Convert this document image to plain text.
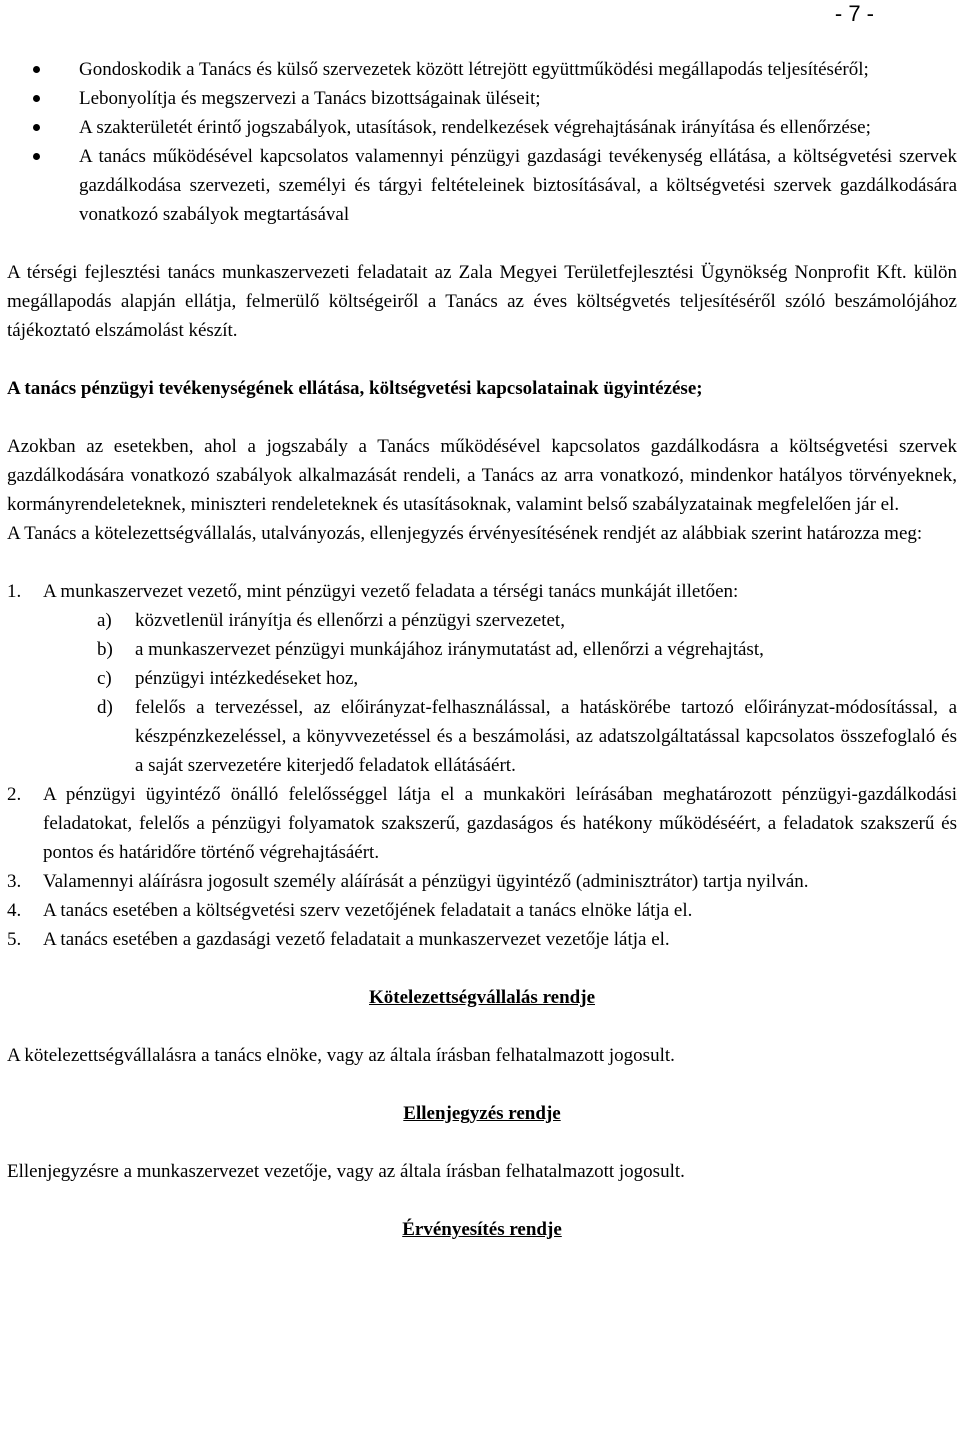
- 7 -
Gondoskodik a Tanács és külső szervezetek között létrejött együttműködési megállapodás teljesítéséről;
Lebonyolítja és megszervezi a Tanács bizottságainak üléseit;
A szakterületét érintő jogszabályok, utasítások, rendelkezések végrehajtásának irányítása és ellenőrzése;
A tanács működésével kapcsolatos valamennyi pénzügyi gazdasági tevékenység ellátása, a költségvetési szervek gazdálkodása szervezeti, személyi és tárgyi feltételeinek biztosításával, a költségvetési szervek gazdálkodására vonatkozó szabályok megtartásával

A térségi fejlesztési tanács munkaszervezeti feladatait az Zala Megyei Területfejlesztési Ügynökség Nonprofit Kft. külön megállapodás alapján ellátja, felmerülő költségeiről a Tanács az éves költségvetés teljesítéséről szóló beszámolójához tájékoztató elszámolást készít.

A tanács pénzügyi tevékenységének ellátása, költségvetési kapcsolatainak ügyintézése;

Azokban az esetekben, ahol a jogszabály a Tanács működésével kapcsolatos gazdálkodásra a költségvetési szervek gazdálkodására vonatkozó szabályok alkalmazását rendeli, a Tanács az arra vonatkozó, mindenkor hatályos törvényeknek, kormányrendeleteknek, miniszteri rendeleteknek és utasításoknak, valamint belső szabályzatainak megfelelően jár el.

A Tanács a kötelezettségvállalás, utalványozás, ellenjegyzés érvényesítésének rendjét az alábbiak szerint határozza meg:

1.	A munkaszervezet vezető, mint pénzügyi vezető feladata a térségi tanács munkáját illetően:
a)	közvetlenül irányítja és ellenőrzi a pénzügyi szervezetet,
b)	a munkaszervezet pénzügyi munkájához iránymutatást ad, ellenőrzi a végrehajtást,
c)	pénzügyi intézkedéseket hoz,
d)	felelős a tervezéssel, az előirányzat-felhasználással, a hatáskörébe tartozó előirányzat-módosítással, a készpénzkezeléssel, a könyvvezetéssel és a beszámolási, az adatszolgáltatással kapcsolatos összefoglaló és a saját szervezetére kiterjedő feladatok ellátásáért.
2.	A pénzügyi ügyintéző önálló felelősséggel látja el a munkaköri leírásában meghatározott pénzügyi-gazdálkodási feladatokat, felelős a pénzügyi folyamatok szakszerű, gazdaságos és hatékony működéséért, a feladatok szakszerű és pontos és határidőre történő végrehajtásáért.
3.	Valamennyi aláírásra jogosult személy aláírását a pénzügyi ügyintéző (adminisztrátor) tartja nyilván.
4.	A tanács esetében a költségvetési szerv vezetőjének feladatait a tanács elnöke látja el.
5.	A tanács esetében a gazdasági vezető feladatait a munkaszervezet vezetője látja el.

Kötelezettségvállalás rendje

A kötelezettségvállalásra a tanács elnöke, vagy az általa írásban felhatalmazott jogosult.

Ellenjegyzés rendje

Ellenjegyzésre a munkaszervezet vezetője, vagy az általa írásban felhatalmazott jogosult.

Érvényesítés rendje
